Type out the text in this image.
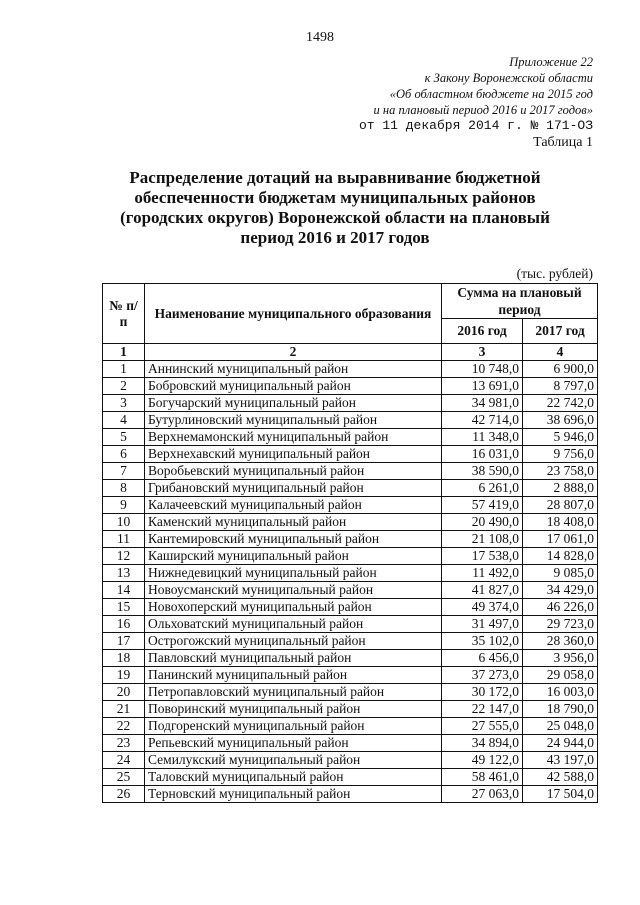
1498
Приложение 22
к Закону Воронежской области
«Об областном бюджете на 2015 год
и на плановый период 2016 и 2017 годов»
от 11 декабря 2014 г. № 171-ОЗ
Таблица 1
Распределение дотаций на выравнивание бюджетной обеспеченности бюджетам муниципальных районов (городских округов) Воронежской области на плановый период 2016 и 2017 годов
(тыс. рублей)
№ п/п	Наименование муниципального образования	Сумма на плановый период	
		2016 год	2017 год
1	2	3	4
1	Аннинский муниципальный район	10 748,0	6 900,0
2	Бобровский муниципальный район	13 691,0	8 797,0
3	Богучарский муниципальный район	34 981,0	22 742,0
4	Бутурлиновский муниципальный район	42 714,0	38 696,0
5	Верхнемамонский муниципальный район	11 348,0	5 946,0
6	Верхнехавский муниципальный район	16 031,0	9 756,0
7	Воробьевский муниципальный район	38 590,0	23 758,0
8	Грибановский муниципальный район	6 261,0	2 888,0
9	Калачеевский муниципальный район	57 419,0	28 807,0
10	Каменский муниципальный район	20 490,0	18 408,0
11	Кантемировский муниципальный район	21 108,0	17 061,0
12	Каширский муниципальный район	17 538,0	14 828,0
13	Нижнедевицкий муниципальный район	11 492,0	9 085,0
14	Новоусманский муниципальный район	41 827,0	34 429,0
15	Новохоперский муниципальный район	49 374,0	46 226,0
16	Ольховатский муниципальный район	31 497,0	29 723,0
17	Острогожский муниципальный район	35 102,0	28 360,0
18	Павловский муниципальный район	6 456,0	3 956,0
19	Панинский муниципальный район	37 273,0	29 058,0
20	Петропавловский муниципальный район	30 172,0	16 003,0
21	Поворинский муниципальный район	22 147,0	18 790,0
22	Подгоренский муниципальный район	27 555,0	25 048,0
23	Репьевский муниципальный район	34 894,0	24 944,0
24	Семилукский муниципальный район	49 122,0	43 197,0
25	Таловский муниципальный район	58 461,0	42 588,0
26	Терновский муниципальный район	27 063,0	17 504,0
